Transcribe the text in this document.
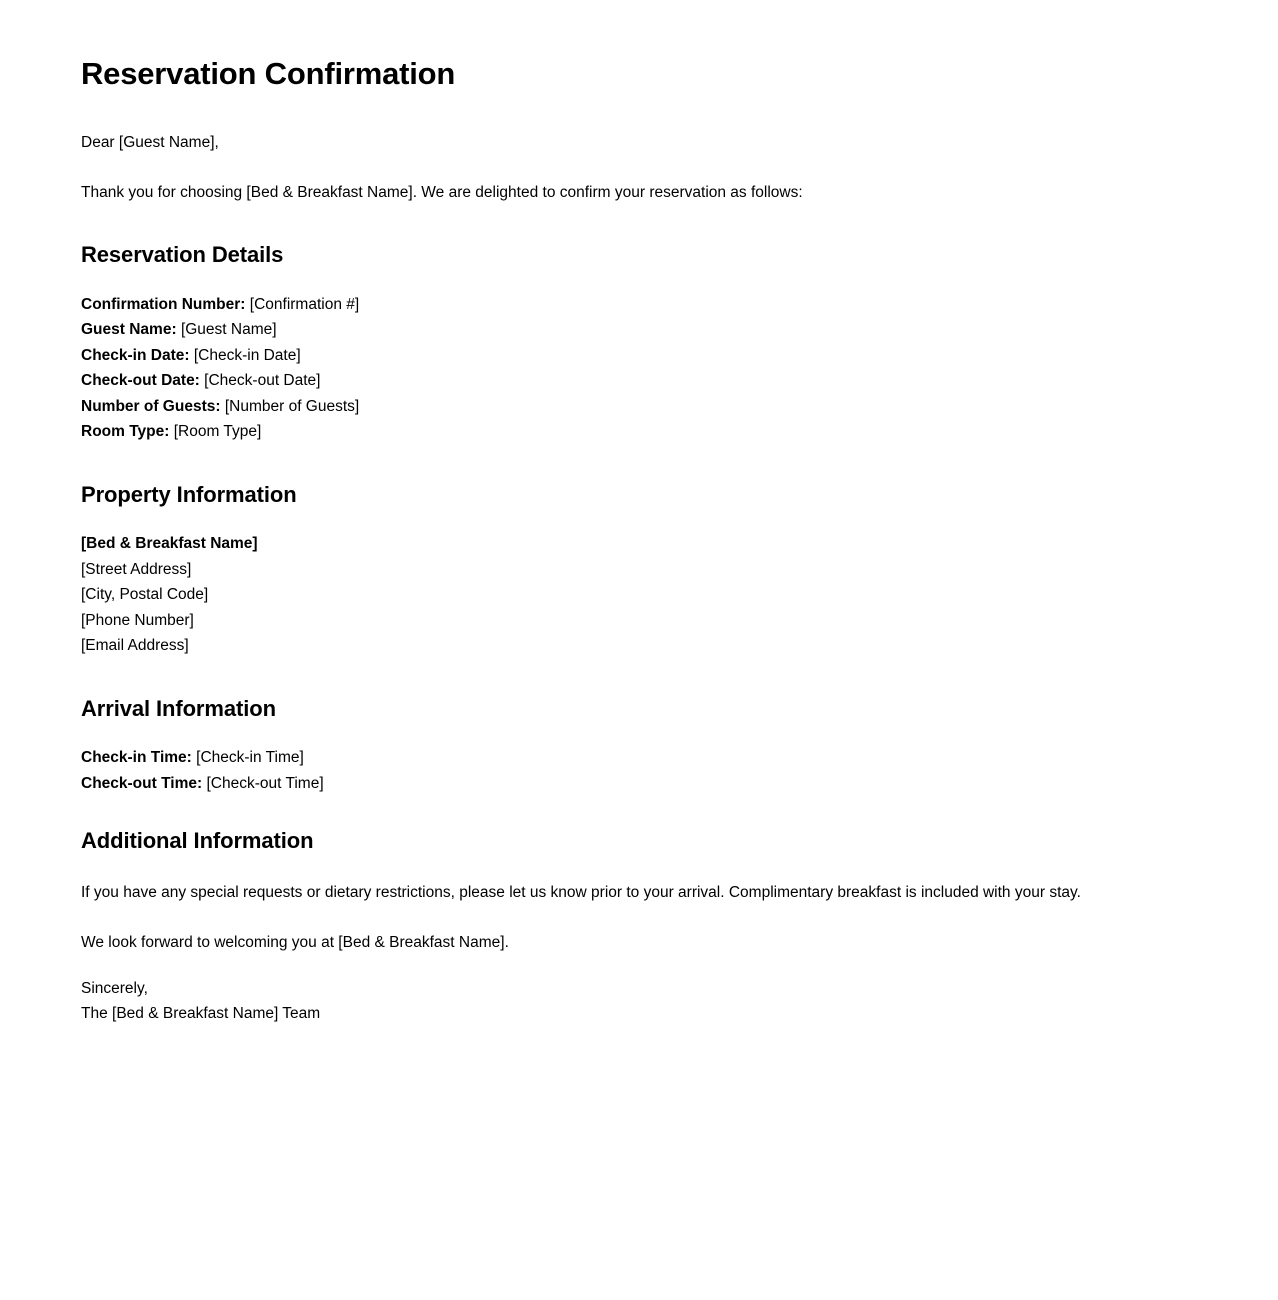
Reservation Confirmation

Dear [Guest Name],

Thank you for choosing [Bed & Breakfast Name]. We are delighted to confirm your reservation as follows:

Reservation Details
Confirmation Number: [Confirmation #]
Guest Name: [Guest Name]
Check-in Date: [Check-in Date]
Check-out Date: [Check-out Date]
Number of Guests: [Number of Guests]
Room Type: [Room Type]
Property Information
[Bed & Breakfast Name]
[Street Address]
[City, Postal Code]
[Phone Number]
[Email Address]
Arrival Information
Check-in Time: [Check-in Time]
Check-out Time: [Check-out Time]
Additional Information

If you have any special requests or dietary restrictions, please let us know prior to your arrival. Complimentary breakfast is included with your stay.

We look forward to welcoming you at [Bed & Breakfast Name].

Sincerely,
The [Bed & Breakfast Name] Team
